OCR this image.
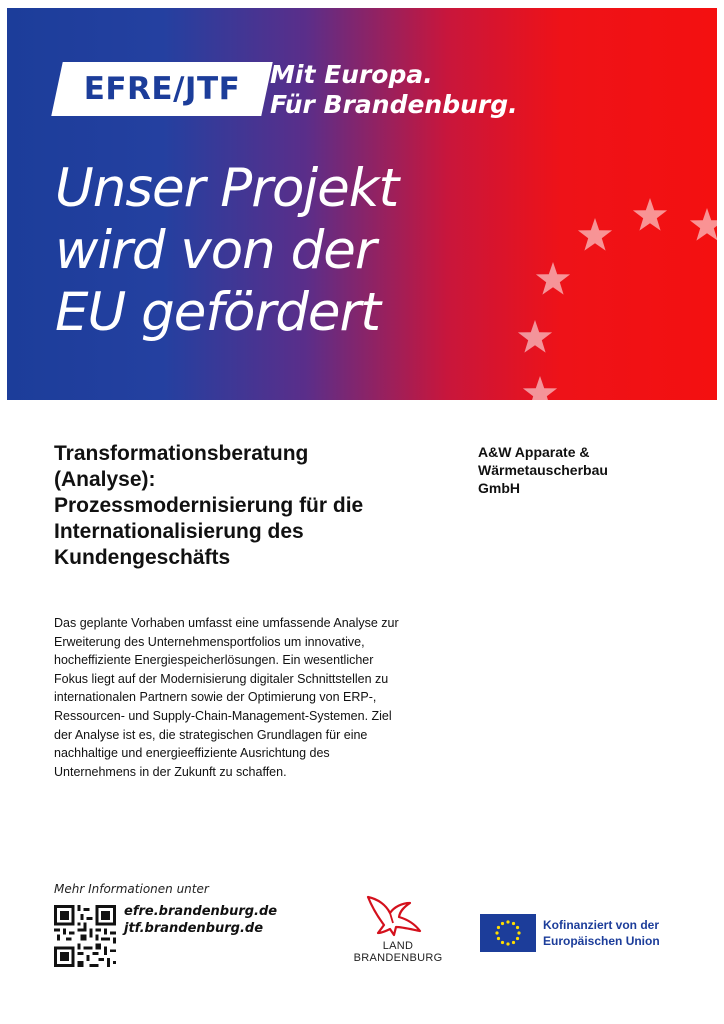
EFRE/JTF	Mit Europa.
Für Brandenburg.
Unser Projekt
wird von der
EU gefördert
Transformationsberatung
(Analyse):
Prozessmodernisierung für die
Internationalisierung des
Kundengeschäfts
A&W Apparate &
Wärmetauscherbau
GmbH
Das geplante Vorhaben umfasst eine umfassende Analyse zur
Erweiterung des Unternehmensportfolios um innovative,
hocheffiziente Energiespeicherlösungen. Ein wesentlicher
Fokus liegt auf der Modernisierung digitaler Schnittstellen zu
internationalen Partnern sowie der Optimierung von ERP-,
Ressourcen- und Supply-Chain-Management-Systemen. Ziel
der Analyse ist es, die strategischen Grundlagen für eine
nachhaltige und energieeffiziente Ausrichtung des
Unternehmens in der Zukunft zu schaffen.
Mehr Informationen unter
efre.brandenburg.de
jtf.brandenburg.de
LAND
BRANDENBURG
Kofinanziert von der
Europäischen Union
